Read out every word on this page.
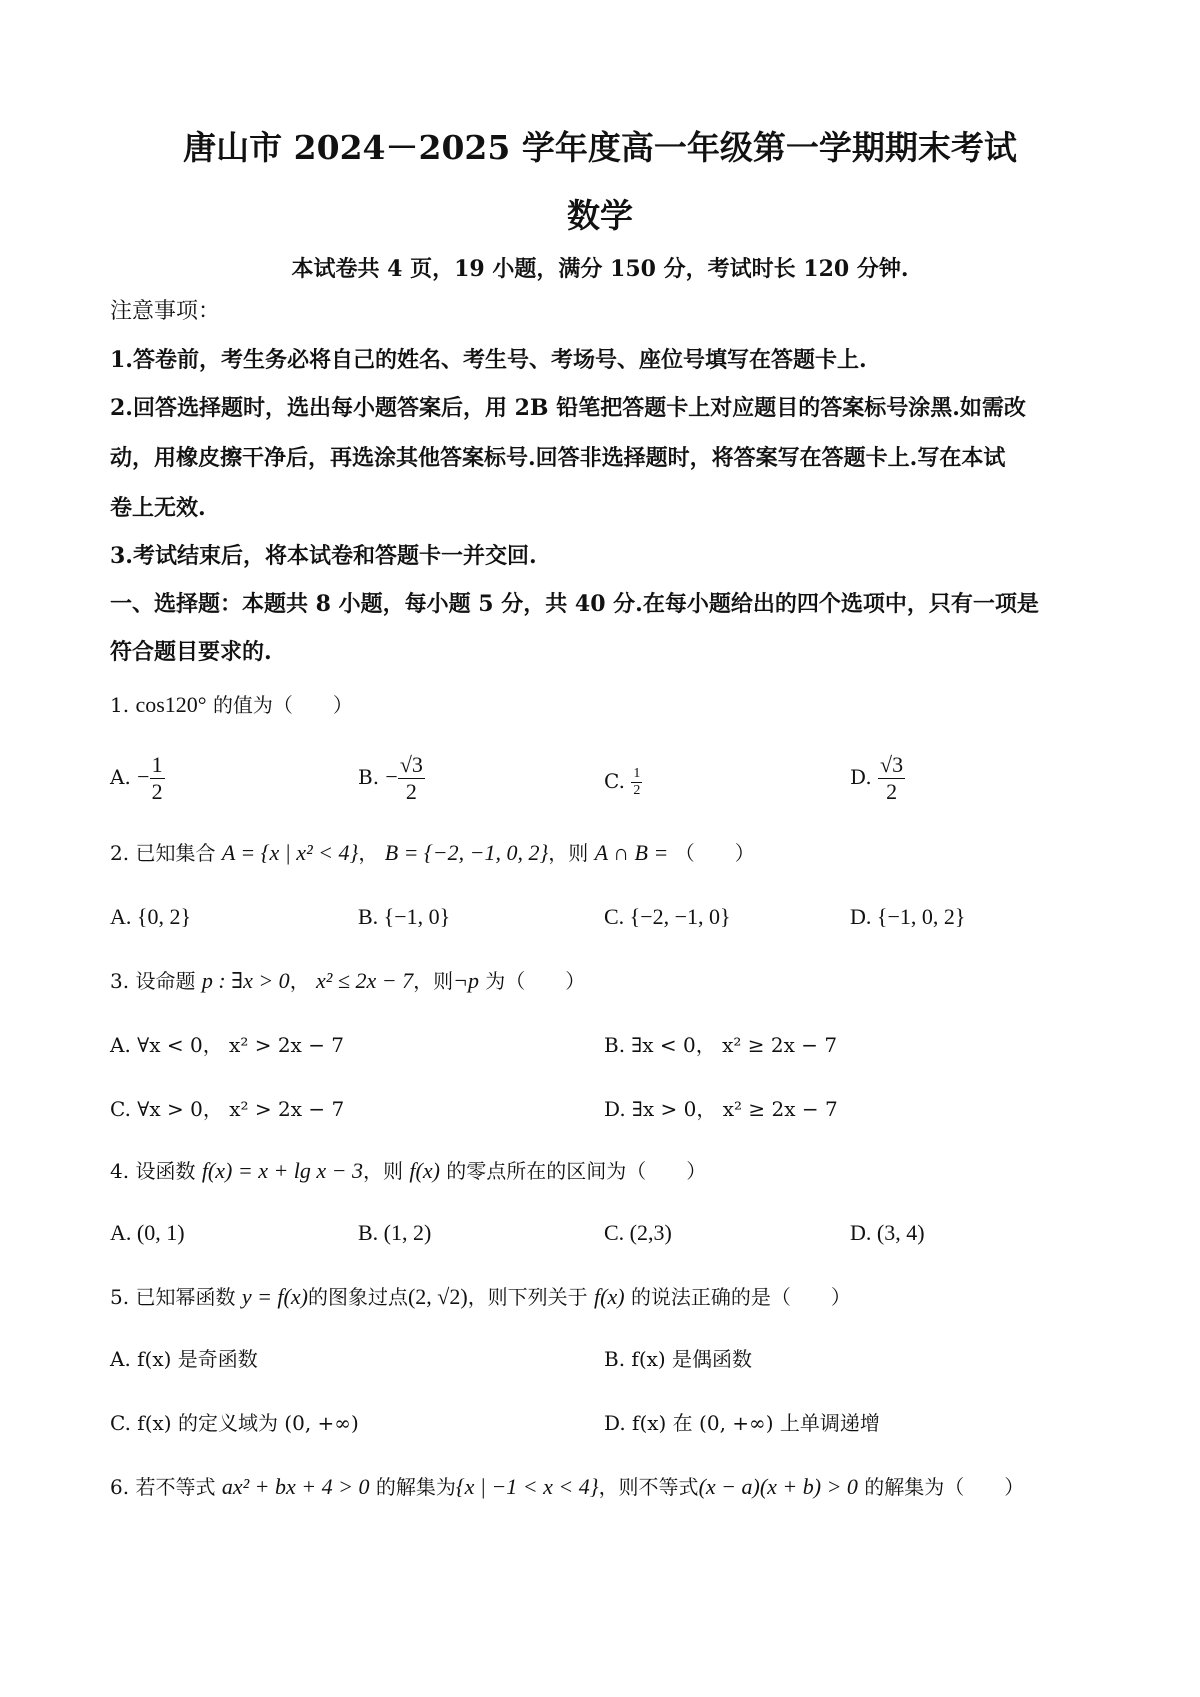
唐山市 2024－2025 学年度高一年级第一学期期末考试
数学
本试卷共 4 页，19 小题，满分 150 分，考试时长 120 分钟.
注意事项：
1.答卷前，考生务必将自己的姓名、考生号、考场号、座位号填写在答题卡上.
2.回答选择题时，选出每小题答案后，用 2B 铅笔把答题卡上对应题目的答案标号涂黑.如需改
动，用橡皮擦干净后，再选涂其他答案标号.回答非选择题时，将答案写在答题卡上.写在本试
卷上无效.
3.考试结束后，将本试卷和答题卡一并交回.
一、选择题：本题共 8 小题，每小题 5 分，共 40 分.在每小题给出的四个选项中，只有一项是
符合题目要求的.
1. cos120° 的值为（　　）
A. − $\frac{1}{2}$	B. − $\frac{√3}{2}$	C. $\frac{1}{2}$	D. $\frac{√3}{2}$
2. 已知集合 A = {x | x² < 4}， B = {−2, −1, 0, 2}，则 A ∩ B = （　　）
A. {0, 2}	B. {−1, 0}	C. {−2, −1, 0}	D. {−1, 0, 2}
3. 设命题 p : ∃x > 0， x² ≤ 2x − 7，则¬p 为（　　）
A. ∀x < 0， x² > 2x − 7	B. ∃x < 0， x² ≥ 2x − 7
C. ∀x > 0， x² > 2x − 7	D. ∃x > 0， x² ≥ 2x − 7
4. 设函数 f(x) = x + lg x − 3，则 f(x) 的零点所在的区间为（　　）
A. (0, 1)	B. (1, 2)	C. (2,3)	D. (3, 4)
5. 已知幂函数 y = f(x)的图象过点(2, √2)，则下列关于 f(x) 的说法正确的是（　　）
A. f(x) 是奇函数	B. f(x) 是偶函数
C. f(x) 的定义域为 (0, +∞)	D. f(x) 在 (0, +∞) 上单调递增
6. 若不等式 ax² + bx + 4 > 0 的解集为{x | −1 < x < 4}，则不等式(x − a)(x + b) > 0 的解集为（　　）
